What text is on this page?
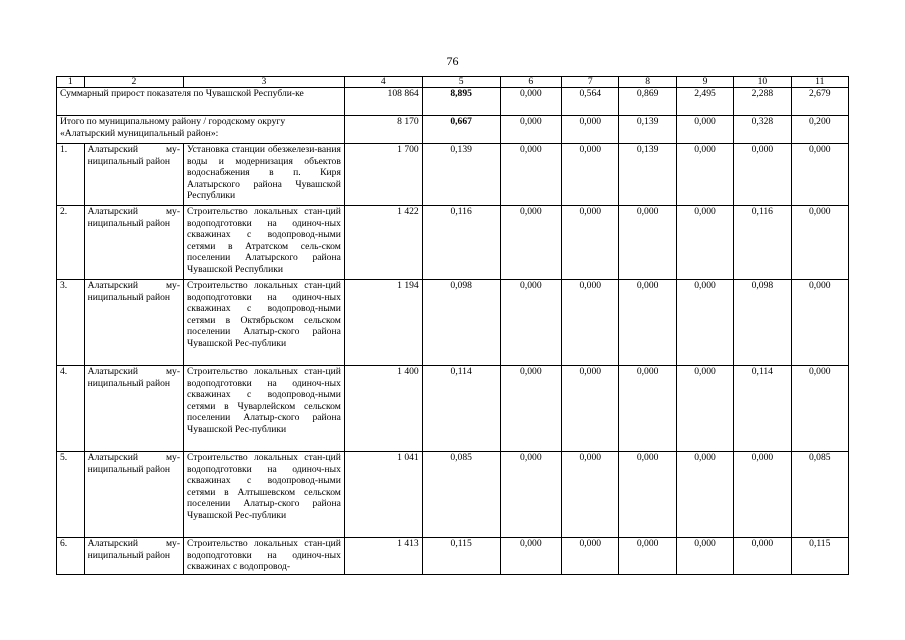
76
1	2	3	4	5	6	7	8	9	10	11
Суммарный прирост показателя по Чувашской Республи-ке			108 864	8,895	0,000	0,564	0,869	2,495	2,288	2,679
Итого по муниципальному району / городскому округу «Алатырский муниципальный район»:			8 170	0,667	0,000	0,000	0,139	0,000	0,328	0,200
1.	Алатырский му-ниципальный район	Установка станции обезжелези-вания воды и модернизация объектов водоснабжения в п. Киря Алатырского района Чувашской Республики	1 700	0,139	0,000	0,000	0,139	0,000	0,000	0,000
2.	Алатырский му-ниципальный район	Строительство локальных стан-ций водоподготовки на одиноч-ных скважинах с водопровод-ными сетями в Атратском сель-ском поселении Алатырского района Чувашской Республики	1 422	0,116	0,000	0,000	0,000	0,000	0,116	0,000
3.	Алатырский му-ниципальный район	Строительство локальных стан-ций водоподготовки на одиноч-ных скважинах с водопровод-ными сетями в Октябрьском сельском поселении Алатыр-ского района Чувашской Рес-публики	1 194	0,098	0,000	0,000	0,000	0,000	0,098	0,000
4.	Алатырский му-ниципальный район	Строительство локальных стан-ций водоподготовки на одиноч-ных скважинах с водопровод-ными сетями в Чуварлейском сельском поселении Алатыр-ского района Чувашской Рес-публики	1 400	0,114	0,000	0,000	0,000	0,000	0,114	0,000
5.	Алатырский му-ниципальный район	Строительство локальных стан-ций водоподготовки на одиноч-ных скважинах с водопровод-ными сетями в Алтышевском сельском поселении Алатыр-ского района Чувашской Рес-публики	1 041	0,085	0,000	0,000	0,000	0,000	0,000	0,085
6.	Алатырский му-ниципальный район	Строительство локальных стан-ций водоподготовки на одиноч-ных скважинах с водопровод-	1 413	0,115	0,000	0,000	0,000	0,000	0,000	0,115
